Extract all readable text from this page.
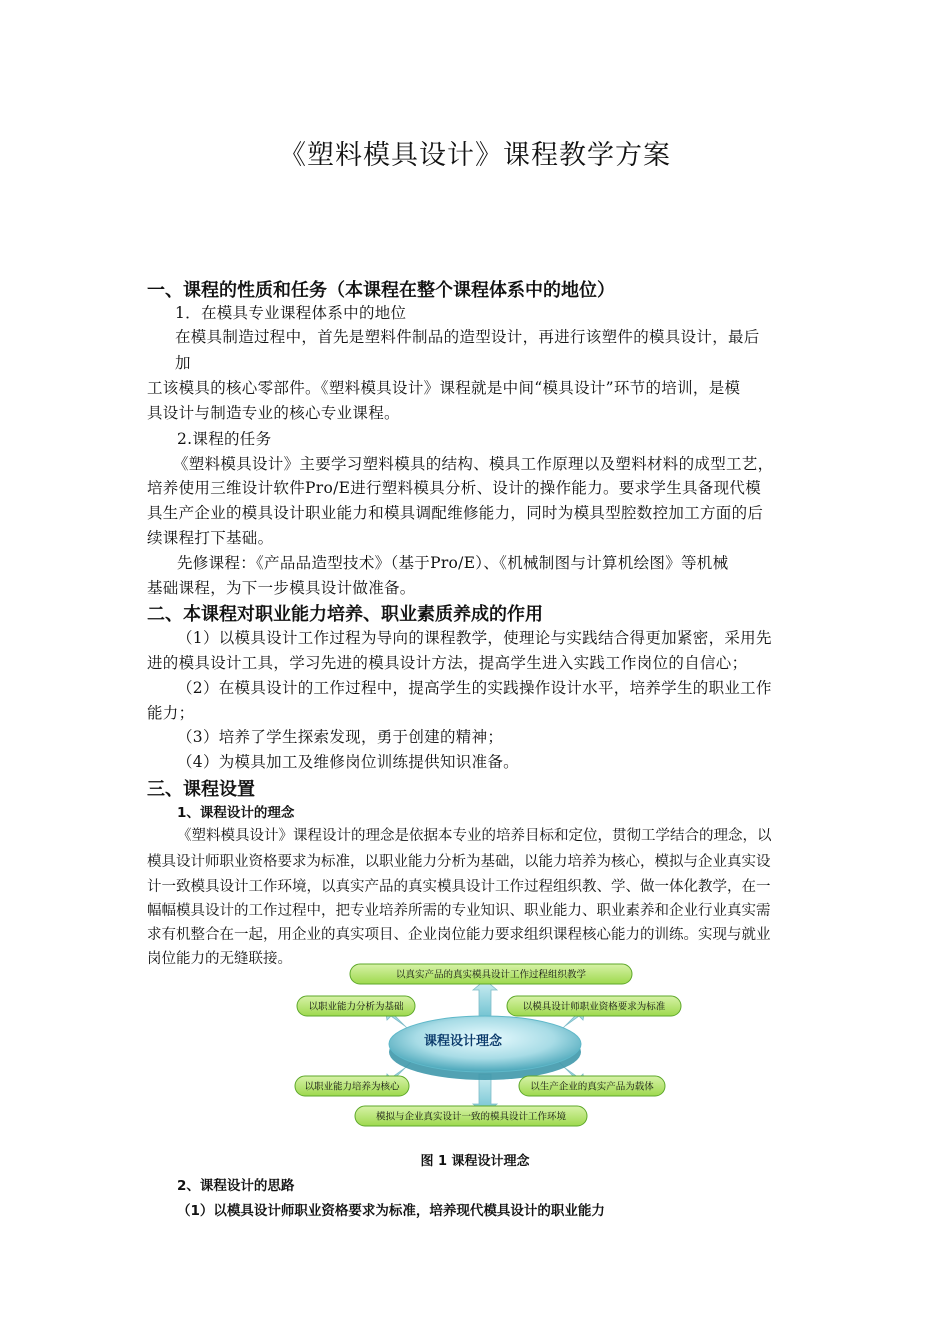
《塑料模具设计》课程教学方案
一、课程的性质和任务（本课程在整个课程体系中的地位）
1．在模具专业课程体系中的地位
在模具制造过程中，首先是塑料件制品的造型设计，再进行该塑件的模具设计，最后
加
工该模具的核心零部件。《塑料模具设计》课程就是中间“模具设计”环节的培训，是模
具设计与制造专业的核心专业课程。
2.课程的任务
《塑料模具设计》主要学习塑料模具的结构、模具工作原理以及塑料材料的成型工艺，
培养使用三维设计软件Pro/E进行塑料模具分析、设计的操作能力。要求学生具备现代模
具生产企业的模具设计职业能力和模具调配维修能力，同时为模具型腔数控加工方面的后
续课程打下基础。
先修课程：《产品品造型技术》（基于Pro/E）、《机械制图与计算机绘图》等机械
基础课程，为下一步模具设计做准备。
二、本课程对职业能力培养、职业素质养成的作用
（1）以模具设计工作过程为导向的课程教学，使理论与实践结合得更加紧密，采用先
进的模具设计工具，学习先进的模具设计方法，提高学生进入实践工作岗位的自信心；
（2）在模具设计的工作过程中，提高学生的实践操作设计水平，培养学生的职业工作
能力；
（3）培养了学生探索发现，勇于创建的精神；
（4）为模具加工及维修岗位训练提供知识准备。
三、课程设置
1、课程设计的理念
《塑料模具设计》课程设计的理念是依据本专业的培养目标和定位，贯彻工学结合的理念，以
模具设计师职业资格要求为标准，以职业能力分析为基础，以能力培养为核心，模拟与企业真实设
计一致模具设计工作环境，以真实产品的真实模具设计工作过程组织教、学、做一体化教学，在一
幅幅模具设计的工作过程中，把专业培养所需的专业知识、职业能力、职业素养和企业行业真实需
求有机整合在一起，用企业的真实项目、企业岗位能力要求组织课程核心能力的训练。实现与就业
岗位能力的无缝联接。
课程设计理念
以真实产品的真实模具设计工作过程组织教学
以职业能力分析为基础	以模具设计师职业资格要求为标准
以职业能力培养为核心	以生产企业的真实产品为载体
模拟与企业真实设计一致的模具设计工作环境
图 1 课程设计理念
2、课程设计的思路
（1）以模具设计师职业资格要求为标准，培养现代模具设计的职业能力
